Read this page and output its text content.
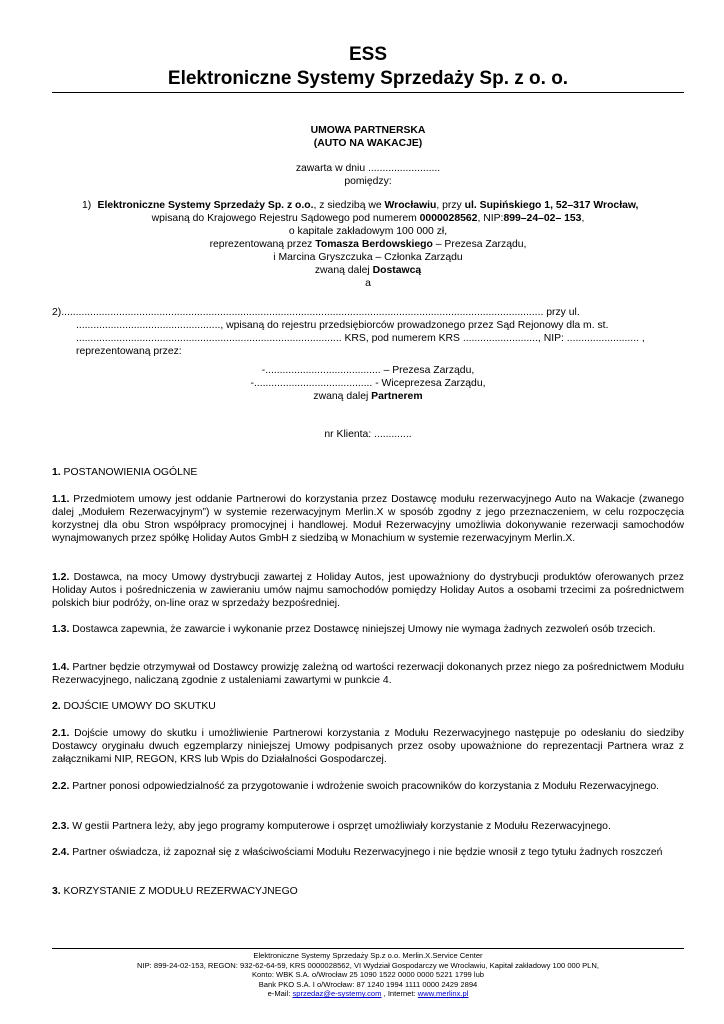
ESS
Elektroniczne Systemy Sprzedaży Sp. z o. o.
UMOWA PARTNERSKA
(AUTO NA WAKACJE)
zawarta w dniu .........................
pomiędzy:
1) Elektroniczne Systemy Sprzedaży Sp. z o.o., z siedzibą we Wrocławiu, przy ul. Supińskiego 1, 52–317 Wrocław,
wpisaną do Krajowego Rejestru Sądowego pod numerem 0000028562, NIP:899–24–02– 153,
o kapitale zakładowym 100 000 zł,
reprezentowaną przez Tomasza Berdowskiego – Prezesa Zarządu,
i Marcina Gryszczuka – Członka Zarządu
zwaną dalej Dostawcą
a
2)....................................................................................................................................................................... przy ul.
.................................................., wpisaną do rejestru przedsiębiorców prowadzonego przez Sąd Rejonowy dla m. st.
............................................................................................ KRS, pod numerem KRS .........................., NIP: ......................... ,
reprezentowaną przez:
-........................................ – Prezesa Zarządu,
-......................................... - Wiceprezesa Zarządu,
zwaną dalej Partnerem
nr Klienta: .............
1. POSTANOWIENIA OGÓLNE
1.1. Przedmiotem umowy jest oddanie Partnerowi do korzystania przez Dostawcę modułu rezerwacyjnego Auto na Wakacje (zwanego dalej „Modułem Rezerwacyjnym”) w systemie rezerwacyjnym Merlin.X w sposób zgodny z jego przeznaczeniem, w celu rozpoczęcia korzystnej dla obu Stron współpracy promocyjnej i handlowej. Moduł Rezerwacyjny umożliwia dokonywanie rezerwacji samochodów wynajmowanych przez spółkę Holiday Autos GmbH z siedzibą w Monachium w systemie rezerwacyjnym Merlin.X.
1.2. Dostawca, na mocy Umowy dystrybucji zawartej z Holiday Autos, jest upoważniony do dystrybucji produktów oferowanych przez Holiday Autos i pośredniczenia w zawieraniu umów najmu samochodów pomiędzy Holiday Autos a osobami trzecimi za pośrednictwem polskich biur podróży, on-line oraz w sprzedaży bezpośredniej.
1.3. Dostawca zapewnia, że zawarcie i wykonanie przez Dostawcę niniejszej Umowy nie wymaga żadnych zezwoleń osób trzecich.
1.4. Partner będzie otrzymywał od Dostawcy prowizję zależną od wartości rezerwacji dokonanych przez niego za pośrednictwem Modułu Rezerwacyjnego, naliczaną zgodnie z ustaleniami zawartymi w punkcie 4.
2. DOJŚCIE UMOWY DO SKUTKU
2.1. Dojście umowy do skutku i umożliwienie Partnerowi korzystania z Modułu Rezerwacyjnego następuje po odesłaniu do siedziby Dostawcy oryginału dwuch egzemplarzy niniejszej Umowy podpisanych przez osoby upoważnione do reprezentacji Partnera wraz z załącznikami NIP, REGON, KRS lub Wpis do Działalności Gospodarczej.
2.2. Partner ponosi odpowiedzialność za przygotowanie i wdrożenie swoich pracowników do korzystania z Modułu Rezerwacyjnego.
2.3. W gestii Partnera leży, aby jego programy komputerowe i osprzęt umożliwiały korzystanie z Modułu Rezerwacyjnego.
2.4. Partner oświadcza, iż zapoznał się z właściwościami Modułu Rezerwacyjnego i nie będzie wnosił z tego tytułu żadnych roszczeń
3. KORZYSTANIE Z MODUŁU REZERWACYJNEGO
Elektroniczne Systemy Sprzedaży Sp.z o.o. Merlin.X.Service Center
NIP: 899-24-02-153, REGON: 932-62-64-59, KRS 0000028562, VI Wydział Gospodarczy we Wrocławiu, Kapitał zakładowy 100 000 PLN,
Konto: WBK S.A. o/Wrocław 25 1090 1522 0000 0000 5221 1799 lub
Bank PKO S.A. I o/Wrocław: 87 1240 1994 1111 0000 2429 2894
e-Mail: sprzedaz@e-systemy.com , Internet: www.merlinx.pl
